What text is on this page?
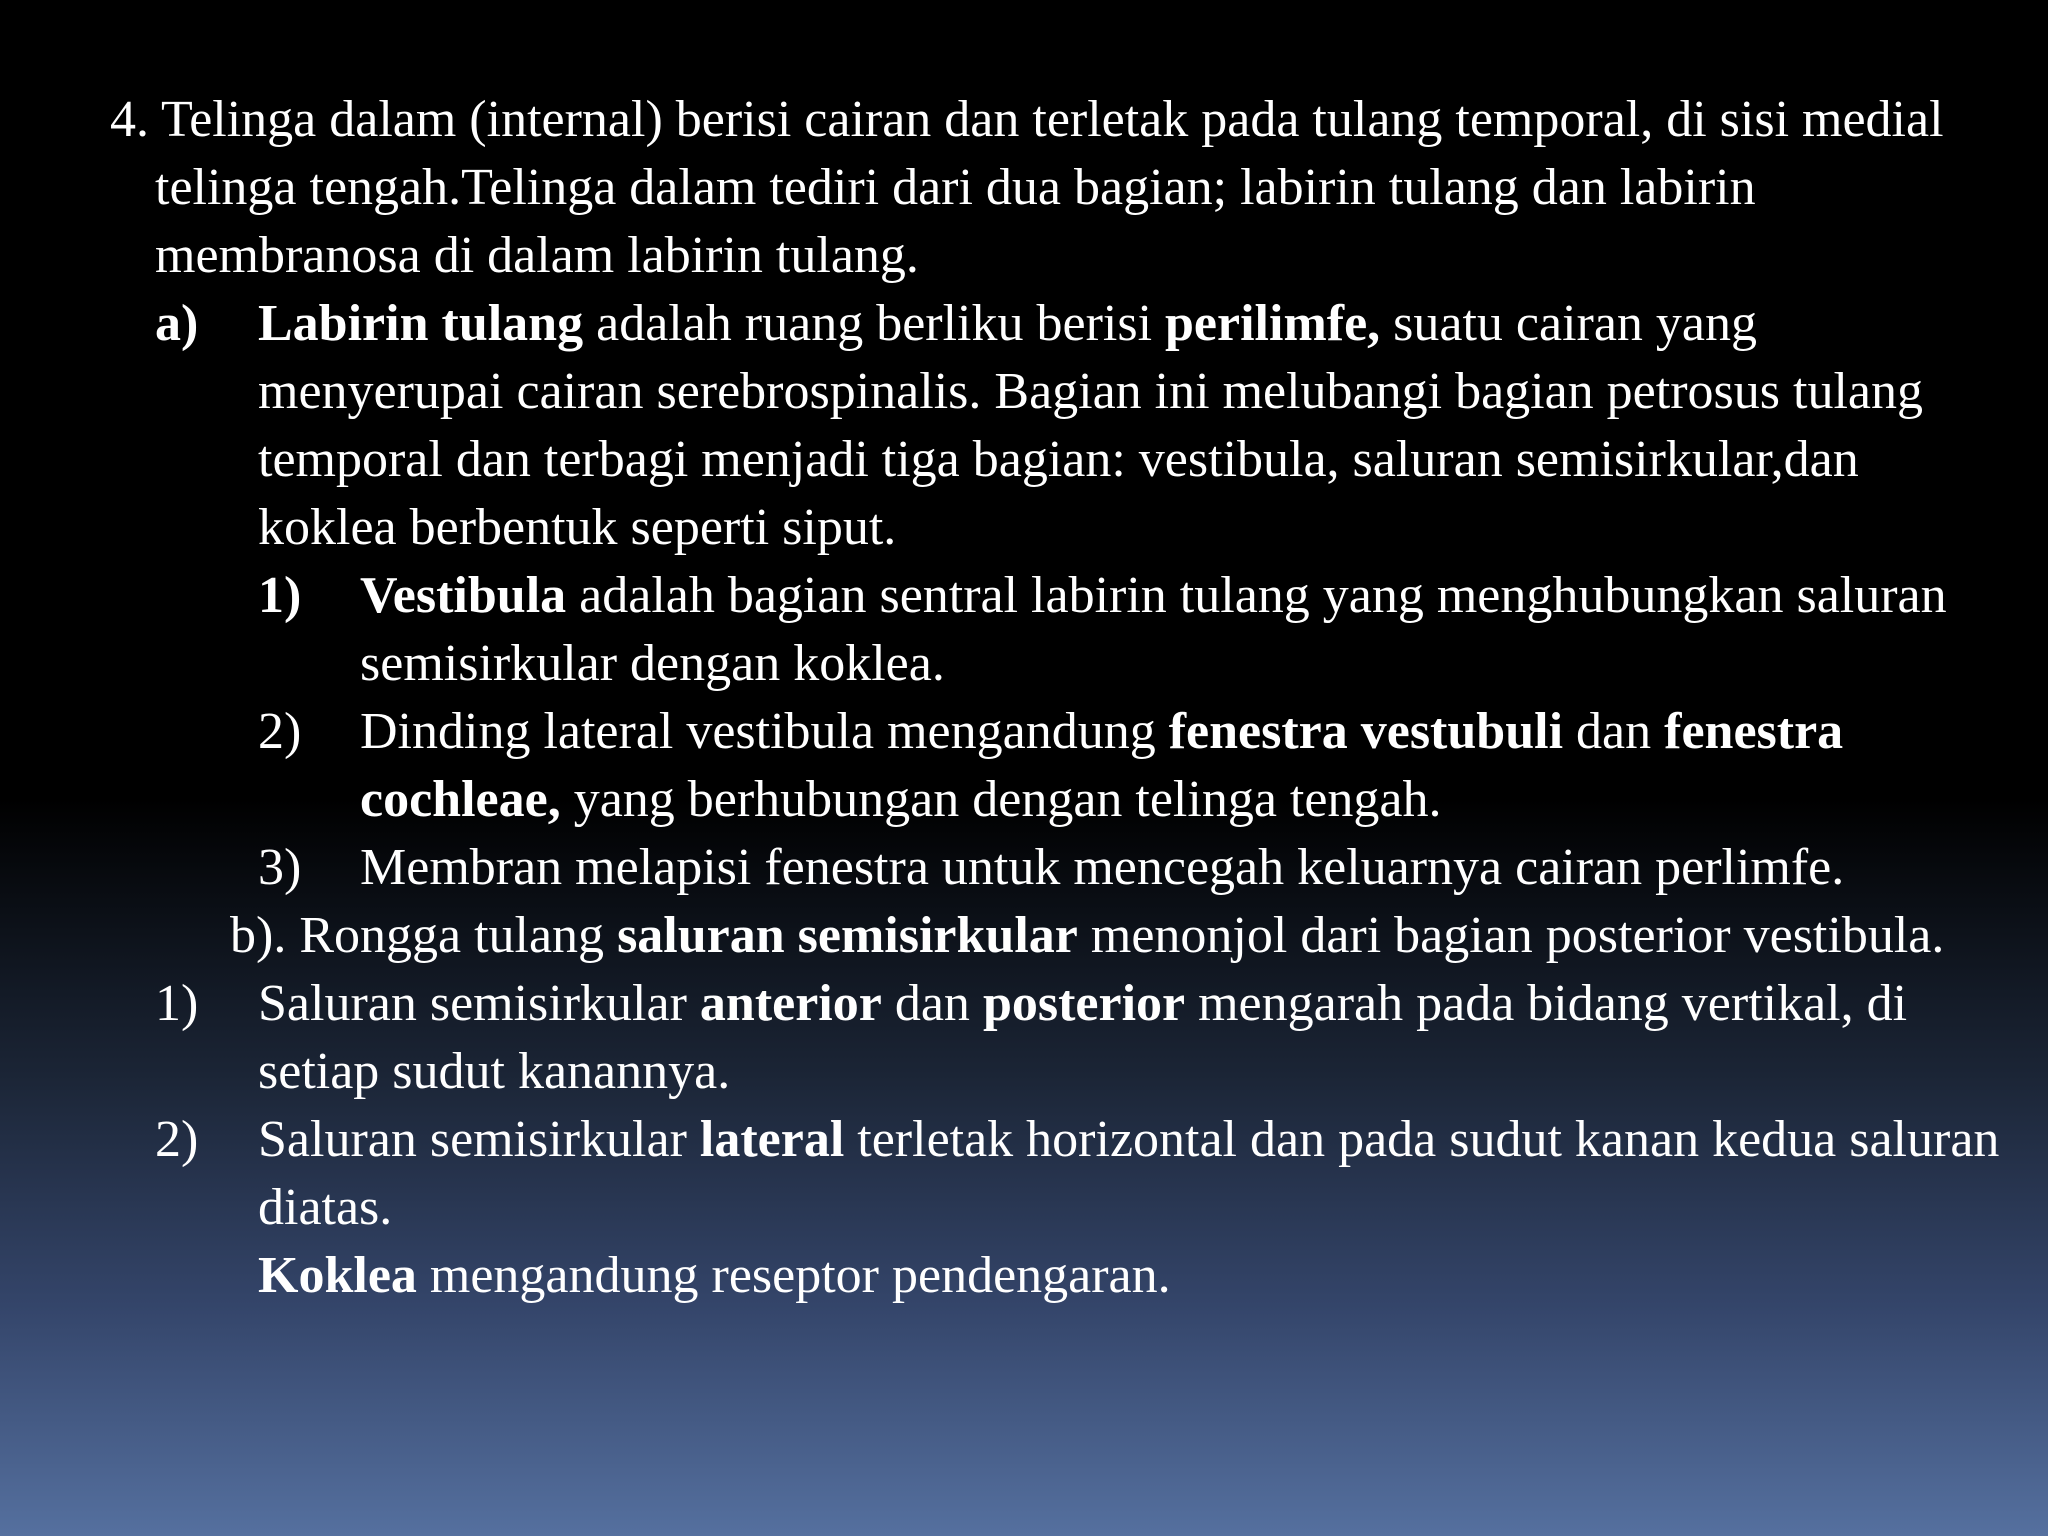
4. Telinga dalam (internal) berisi cairan dan terletak pada tulang temporal, di sisi medial telinga tengah.Telinga dalam tediri dari dua bagian; labirin tulang dan labirin membranosa di dalam labirin tulang.

a) Labirin tulang adalah ruang berliku berisi perilimfe, suatu cairan yang menyerupai cairan serebrospinalis. Bagian ini melubangi bagian petrosus tulang temporal dan terbagi menjadi tiga bagian: vestibula, saluran semisirkular,dan koklea berbentuk seperti siput.

1) Vestibula adalah bagian sentral labirin tulang yang menghubungkan saluran semisirkular dengan koklea.

2) Dinding lateral vestibula mengandung fenestra vestubuli dan fenestra cochleae, yang berhubungan dengan telinga tengah.

3) Membran melapisi fenestra untuk mencegah keluarnya cairan perlimfe.

b). Rongga tulang saluran semisirkular menonjol dari bagian posterior vestibula.

1) Saluran semisirkular anterior dan posterior mengarah pada bidang vertikal, di setiap sudut kanannya.

2) Saluran semisirkular lateral terletak horizontal dan pada sudut kanan kedua saluran diatas.

Koklea mengandung reseptor pendengaran.
